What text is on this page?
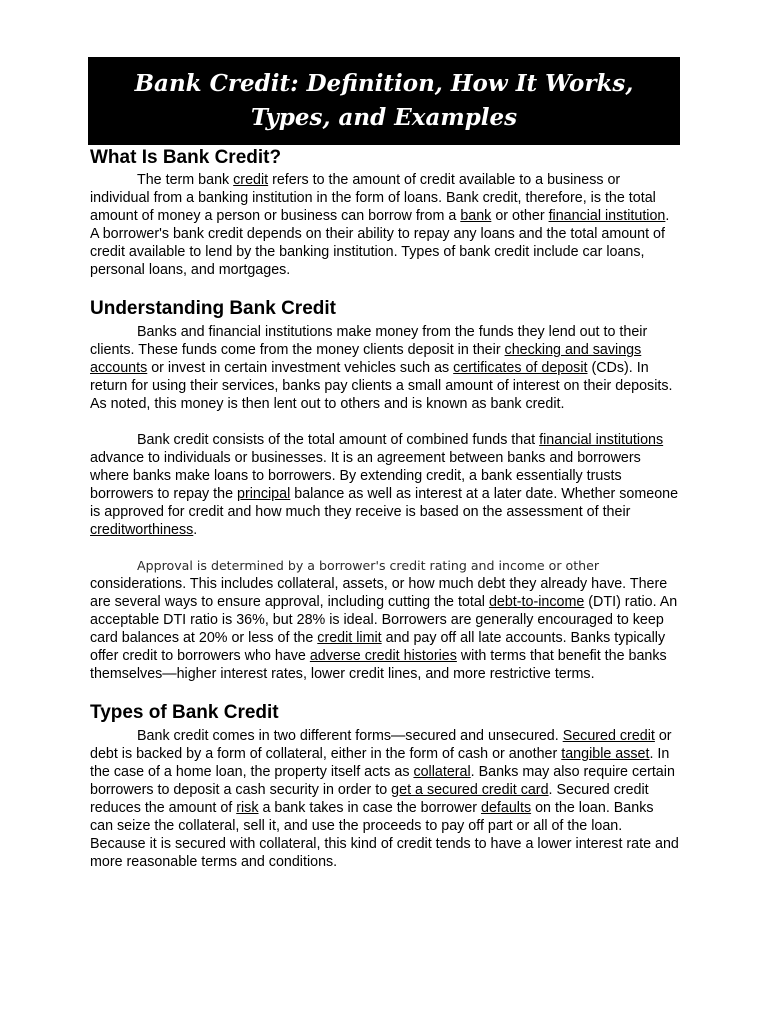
Bank Credit: Definition, How It Works, Types, and Examples
What Is Bank Credit?

The term bank credit refers to the amount of credit available to a business or individual from a banking institution in the form of loans. Bank credit, therefore, is the total amount of money a person or business can borrow from a bank or other financial institution. A borrower's bank credit depends on their ability to repay any loans and the total amount of credit available to lend by the banking institution. Types of bank credit include car loans, personal loans, and mortgages.

Understanding Bank Credit

Banks and financial institutions make money from the funds they lend out to their clients. These funds come from the money clients deposit in their checking and savings accounts or invest in certain investment vehicles such as certificates of deposit (CDs). In return for using their services, banks pay clients a small amount of interest on their deposits. As noted, this money is then lent out to others and is known as bank credit.

Bank credit consists of the total amount of combined funds that financial institutions advance to individuals or businesses. It is an agreement between banks and borrowers where banks make loans to borrowers. By extending credit, a bank essentially trusts borrowers to repay the principal balance as well as interest at a later date. Whether someone is approved for credit and how much they receive is based on the assessment of their creditworthiness.

Approval is determined by a borrower's credit rating and income or other considerations. This includes collateral, assets, or how much debt they already have. There are several ways to ensure approval, including cutting the total debt-to-income (DTI) ratio. An acceptable DTI ratio is 36%, but 28% is ideal. Borrowers are generally encouraged to keep card balances at 20% or less of the credit limit and pay off all late accounts. Banks typically offer credit to borrowers who have adverse credit histories with terms that benefit the banks themselves—higher interest rates, lower credit lines, and more restrictive terms.

Types of Bank Credit

Bank credit comes in two different forms—secured and unsecured. Secured credit or debt is backed by a form of collateral, either in the form of cash or another tangible asset. In the case of a home loan, the property itself acts as collateral. Banks may also require certain borrowers to deposit a cash security in order to get a secured credit card. Secured credit reduces the amount of risk a bank takes in case the borrower defaults on the loan. Banks can seize the collateral, sell it, and use the proceeds to pay off part or all of the loan. Because it is secured with collateral, this kind of credit tends to have a lower interest rate and more reasonable terms and conditions.
